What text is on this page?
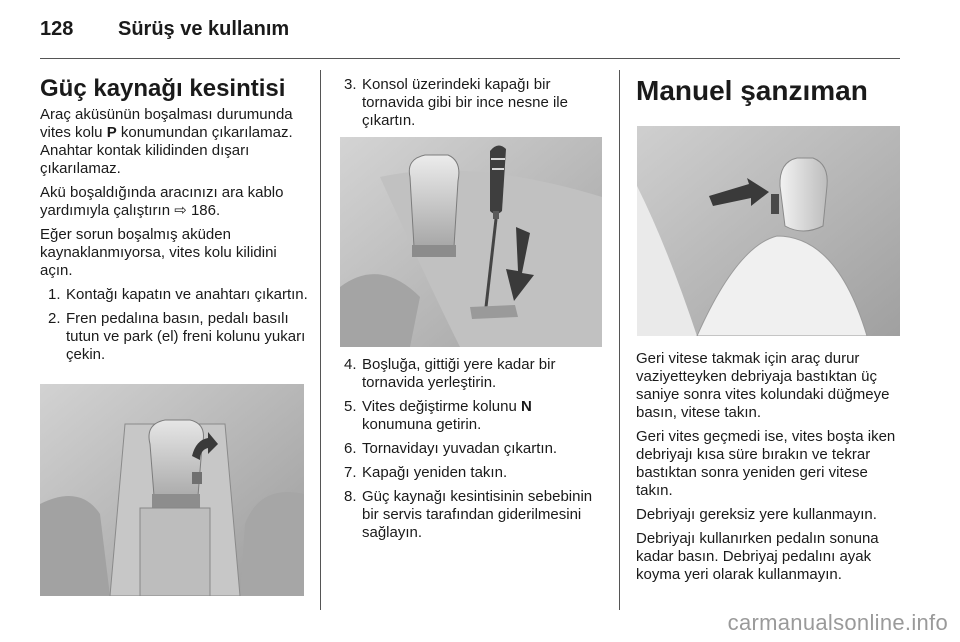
128 Sürüş ve kullanım
Güç kaynağı kesintisi

Araç aküsünün boşalması durumunda vites kolu P konumundan çıkarılamaz. Anahtar kontak kilidinden dışarı çıkarılamaz.

Akü boşaldığında aracınızı ara kablo yardımıyla çalıştırın ⇨ 186.

Eğer sorun boşalmış aküden kaynaklanmıyorsa, vites kolu kilidini açın.

1. Kontağı kapatın ve anahtarı çıkartın.
2. Fren pedalına basın, pedalı basılı tutun ve park (el) freni kolunu yukarı çekin.
3. Konsol üzerindeki kapağı bir tornavida gibi bir ince nesne ile çıkartın.
4. Boşluğa, gittiği yere kadar bir tornavida yerleştirin.
5. Vites değiştirme kolunu N konumuna getirin.
6. Tornavidayı yuvadan çıkartın.
7. Kapağı yeniden takın.
8. Güç kaynağı kesintisinin sebebinin bir servis tarafından giderilmesini sağlayın.
Manuel şanzıman

Geri vitese takmak için araç durur vaziyetteyken debriyaja bastıktan üç saniye sonra vites kolundaki düğmeye basın, vitese takın.

Geri vites geçmedi ise, vites boşta iken debriyajı kısa süre bırakın ve tekrar bastıktan sonra yeniden geri vitese takın.

Debriyajı gereksiz yere kullanmayın.

Debriyajı kullanırken pedalın sonuna kadar basın. Debriyaj pedalını ayak koyma yeri olarak kullanmayın.

carmanualsonline.info
